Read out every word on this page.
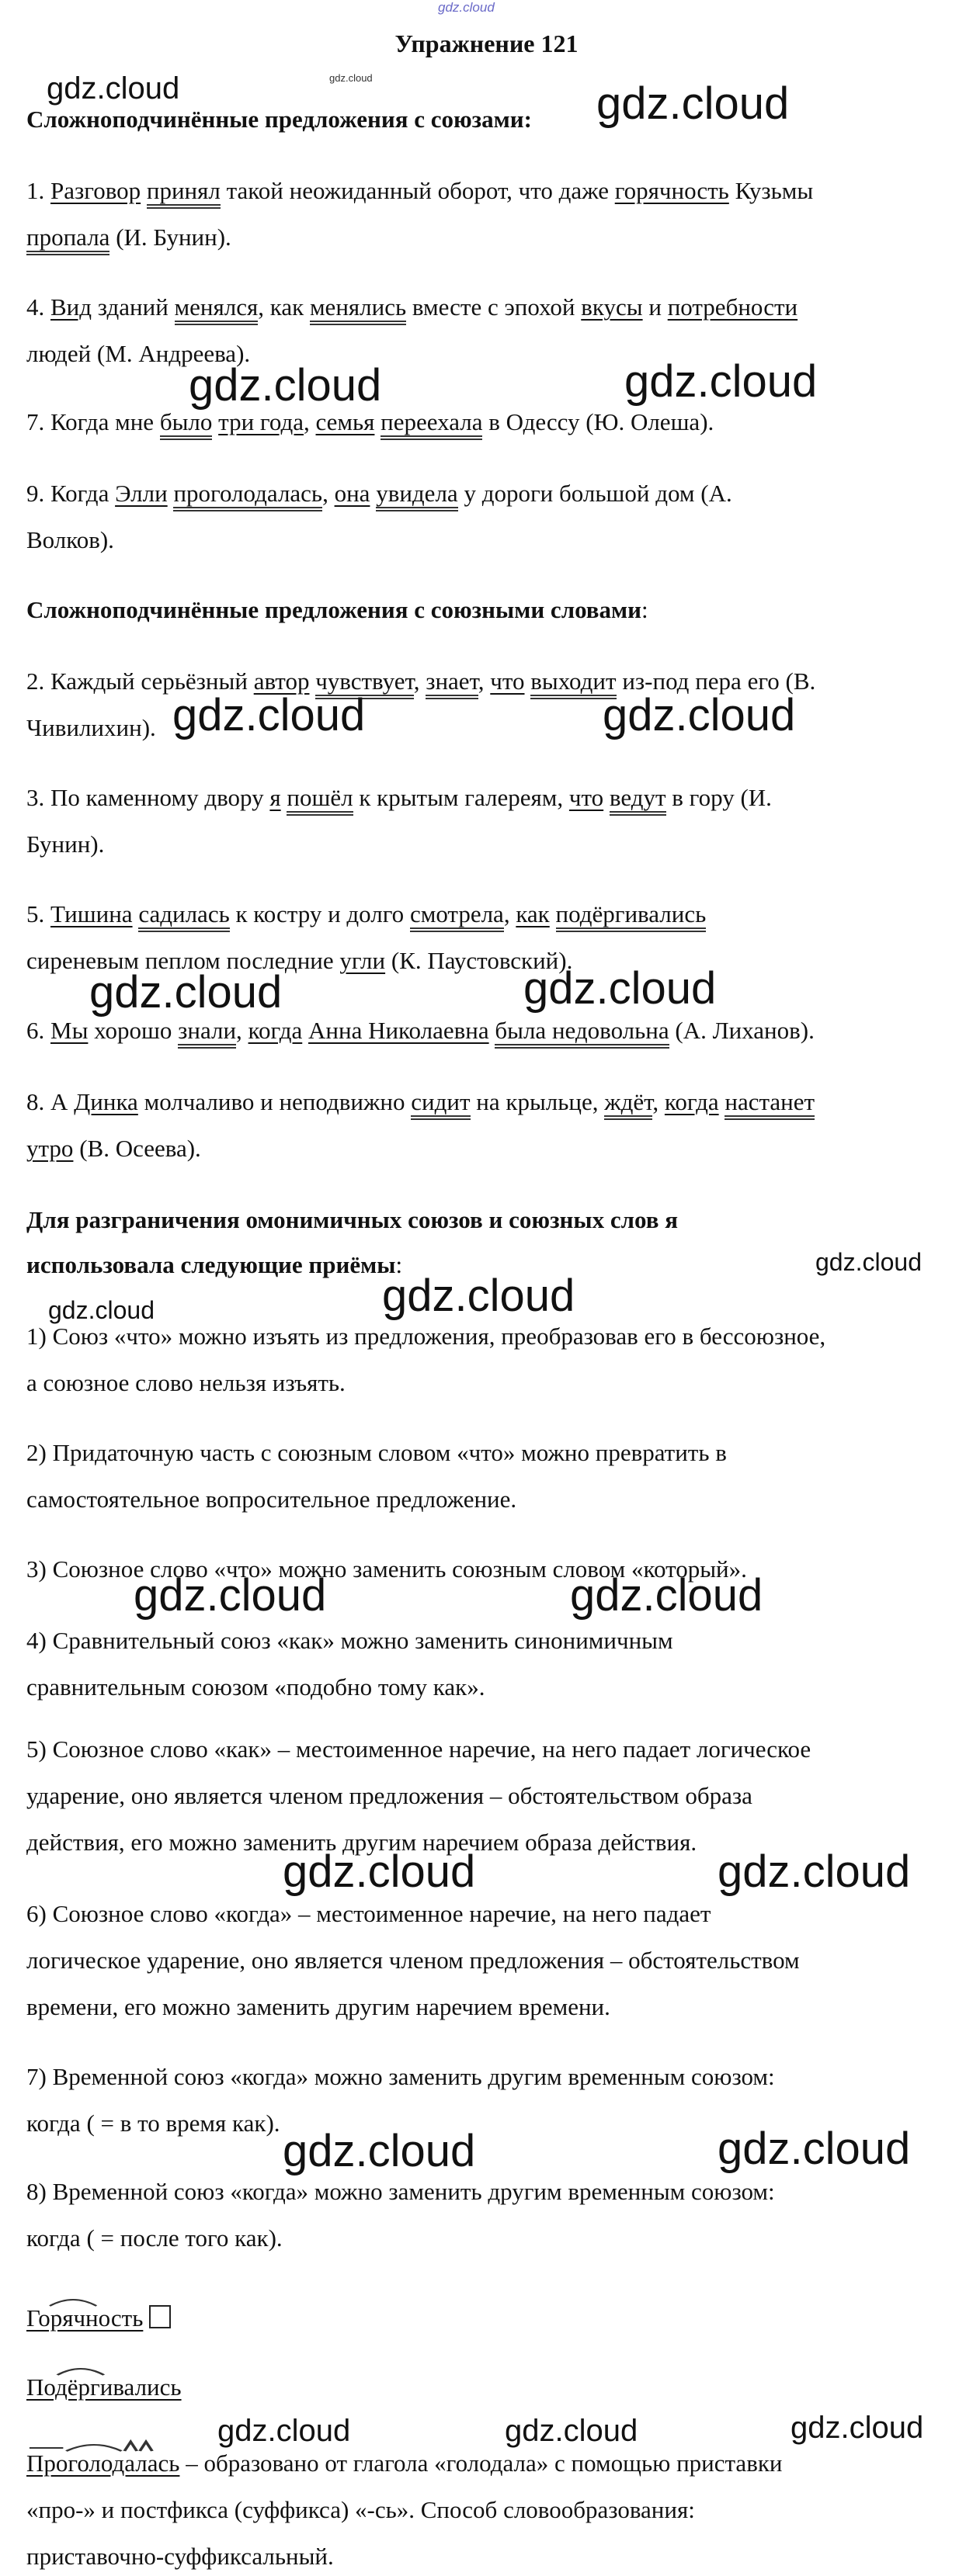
gdz.cloud
Упражнение 121
gdz.cloud
gdz.cloud	gdz.cloud
gdz.cloud	gdz.cloud
gdz.cloud	gdz.cloud
gdz.cloud	gdz.cloud
gdz.cloud
gdz.cloud	gdz.cloud
gdz.cloud	gdz.cloud
gdz.cloud	gdz.cloud
gdz.cloud	gdz.cloud
gdz.cloud	gdz.cloud	gdz.cloud
Сложноподчинённые предложения с союзами:
1. Разговор принял такой неожиданный оборот, что даже горячность Кузьмы
пропала (И. Бунин).
4. Вид зданий менялся, как менялись вместе с эпохой вкусы и потребности
людей (М. Андреева).
7. Когда мне было три года, семья переехала в Одессу (Ю. Олеша).
9. Когда Элли проголодалась, она увидела у дороги большой дом (А.
Волков).
Сложноподчинённые предложения с союзными словами:
2. Каждый серьёзный автор чувствует, знает, что выходит из-под пера его (В.
Чивилихин).
3. По каменному двору я пошёл к крытым галереям, что ведут в гору (И.
Бунин).
5. Тишина садилась к костру и долго смотрела, как подёргивались
сиреневым пеплом последние угли (К. Паустовский).
6. Мы хорошо знали, когда Анна Николаевна была недовольна (А. Лиханов).
8. А Динка молчаливо и неподвижно сидит на крыльце, ждёт, когда настанет
утро (В. Осеева).
Для разграничения омонимичных союзов и союзных слов я
использовала следующие приёмы:
1) Союз «что» можно изъять из предложения, преобразовав его в бессоюзное,
а союзное слово нельзя изъять.
2) Придаточную часть с союзным словом «что» можно превратить в
самостоятельное вопросительное предложение.
3) Союзное слово «что» можно заменить союзным словом «который».
4) Сравнительный союз «как» можно заменить синонимичным
сравнительным союзом «подобно тому как».
5) Союзное слово «как» – местоименное наречие, на него падает логическое
ударение, оно является членом предложения – обстоятельством образа
действия, его можно заменить другим наречием образа действия.
6) Союзное слово «когда» – местоименное наречие, на него падает
логическое ударение, оно является членом предложения – обстоятельством
времени, его можно заменить другим наречием времени.
7) Временной союз «когда» можно заменить другим временным союзом:
когда ( = в то время как).
8) Временной союз «когда» можно заменить другим временным союзом:
когда ( = после того как).
Горячность
Подёргивались
Проголодалась – образовано от глагола «голодала» с помощью приставки
«про-» и постфикса (суффикса) «-сь». Способ словообразования:
приставочно-суффиксальный.
